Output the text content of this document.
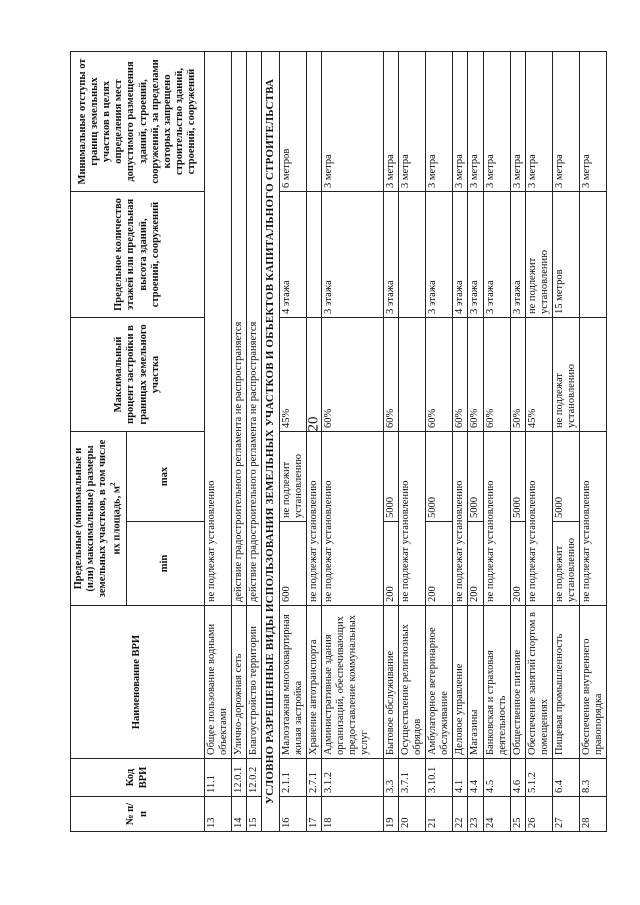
20
№ п/п	Код ВРИ	Наименование ВРИ	Предельные (минимальные и (или) максимальные) размеры земельных участков, в том числе их площадь, $м^2$		Максимальный процент застройки в границах земельного участка	Предельное количество этажей или предельная высота зданий, строений, сооружений	Минимальные отступы от границ земельных участков в целях определения мест допустимого размещения зданий, строений, сооружений, за пределами которых запрещено строительство зданий, строений, сооружений
			min	max			
13	11.1	Общее пользование водными объектами	не подлежат установлению				
14	12.0.1	Улично-дорожная сеть	действие градостроительного регламента не распространяется				
15	12.0.2	Благоустройство территории	действие градостроительного регламента не распространяется				
УСЛОВНО РАЗРЕШЕННЫЕ ВИДЫ ИСПОЛЬЗОВАНИЯ ЗЕМЕЛЬНЫХ УЧАСТКОВ И ОБЪЕКТОВ КАПИТАЛЬНОГО СТРОИТЕЛЬСТВА							
16	2.1.1	Малоэтажная многоквартирная жилая застройка	600	не подлежит установлению	45%	4 этажа	6 метров
17	2.7.1	Хранение автотранспорта	не подлежат установлению				
18	3.1.2	Административные здания организаций, обеспечивающих предоставление коммунальных услуг	не подлежат установлению		60%	3 этажа	3 метра
19	3.3	Бытовое обслуживание	200	5000	60%	3 этажа	3 метра
20	3.7.1	Осуществление религиозных обрядов	не подлежат установлению				3 метра
21	3.10.1	Амбулаторное ветеринарное обслуживание	200	5000	60%	3 этажа	3 метра
22	4.1	Деловое управление	не подлежат установлению		60%	4 этажа	3 метра
23	4.4	Магазины	200	5000	60%	3 этажа	3 метра
24	4.5	Банковская и страховая деятельность	не подлежат установлению		60%	3 этажа	3 метра
25	4.6	Общественное питание	200	5000	50%	3 этажа	3 метра
26	5.1.2	Обеспечение занятий спортом в помещениях	не подлежат установлению		45%	не подлежит установлению	3 метра
27	6.4	Пищевая промышленность	не подлежит установлению	5000	не подлежат установлению	15 метров	3 метра
28	8.3	Обеспечение внутреннего правопорядка	не подлежат установлению				3 метра
